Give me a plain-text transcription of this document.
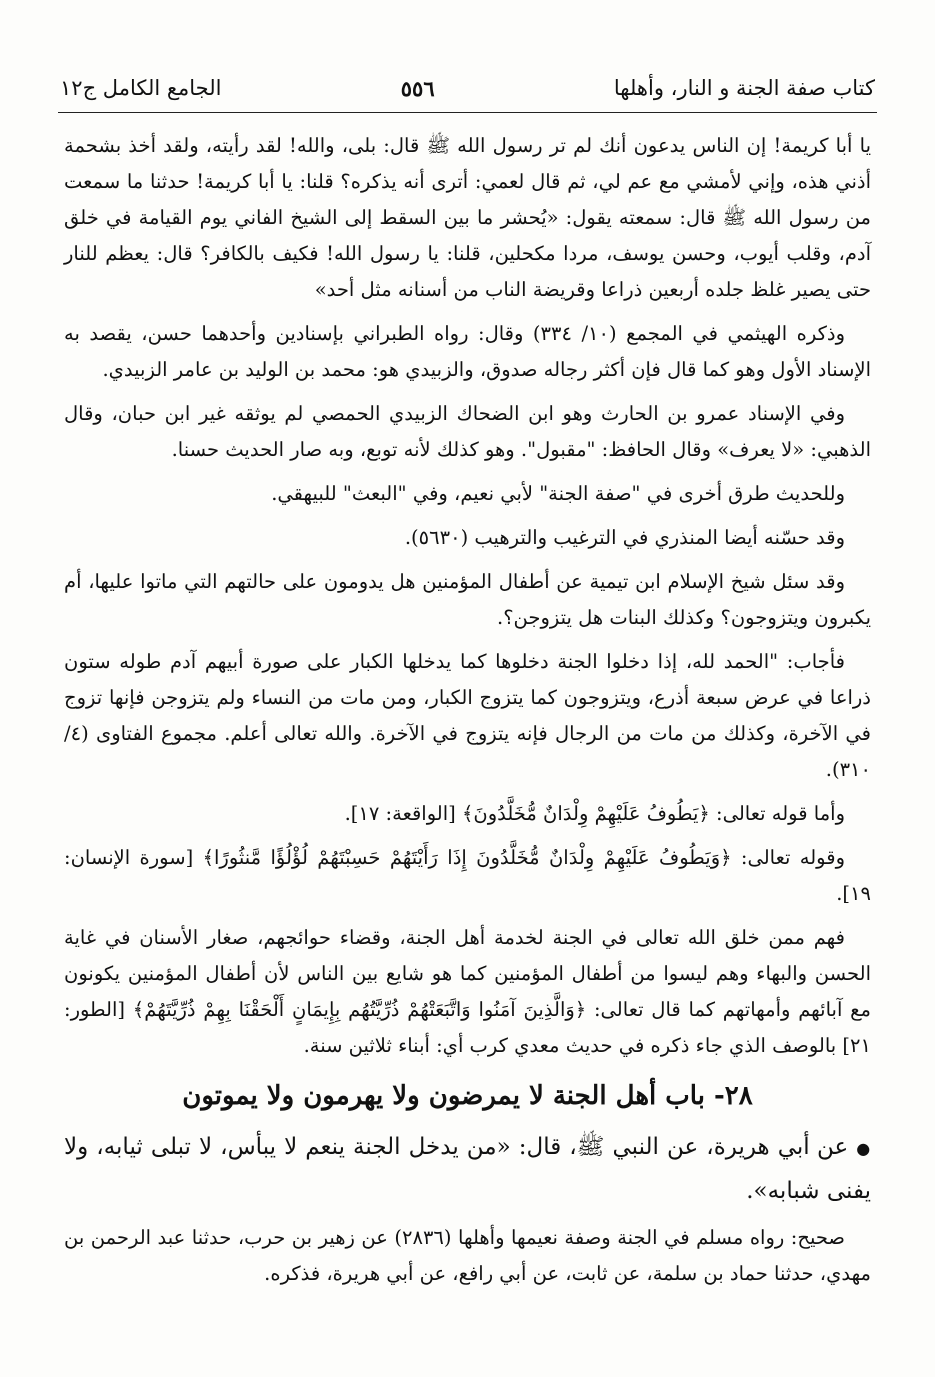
كتاب صفة الجنة و النار، وأهلها
٥٥٦
الجامع الكامل ج١٢

يا أبا كريمة! إن الناس يدعون أنك لم تر رسول الله ﷺ قال: بلى، والله! لقد رأيته، ولقد أخذ بشحمة أذني هذه، وإني لأمشي مع عم لي، ثم قال لعمي: أترى أنه يذكره؟ قلنا: يا أبا كريمة! حدثنا ما سمعت من رسول الله ﷺ قال: سمعته يقول: «يُحشر ما بين السقط إلى الشيخ الفاني يوم القيامة في خلق آدم، وقلب أيوب، وحسن يوسف، مردا مكحلين، قلنا: يا رسول الله! فكيف بالكافر؟ قال: يعظم للنار حتى يصير غلظ جلده أربعين ذراعا وقريضة الناب من أسنانه مثل أحد»

وذكره الهيثمي في المجمع (١٠/ ٣٣٤) وقال: رواه الطبراني بإسنادين وأحدهما حسن، يقصد به الإسناد الأول وهو كما قال فإن أكثر رجاله صدوق، والزبيدي هو: محمد بن الوليد بن عامر الزبيدي.

وفي الإسناد عمرو بن الحارث وهو ابن الضحاك الزبيدي الحمصي لم يوثقه غير ابن حبان، وقال الذهبي: «لا يعرف» وقال الحافظ: "مقبول". وهو كذلك لأنه توبع، وبه صار الحديث حسنا.

وللحديث طرق أخرى في "صفة الجنة" لأبي نعيم، وفي "البعث" للبيهقي.

وقد حسّنه أيضا المنذري في الترغيب والترهيب (٥٦٣٠).

وقد سئل شيخ الإسلام ابن تيمية عن أطفال المؤمنين هل يدومون على حالتهم التي ماتوا عليها، أم يكبرون ويتزوجون؟ وكذلك البنات هل يتزوجن؟.

فأجاب: "الحمد لله، إذا دخلوا الجنة دخلوها كما يدخلها الكبار على صورة أبيهم آدم طوله ستون ذراعا في عرض سبعة أذرع، ويتزوجون كما يتزوج الكبار، ومن مات من النساء ولم يتزوجن فإنها تزوج في الآخرة، وكذلك من مات من الرجال فإنه يتزوج في الآخرة. والله تعالى أعلم. مجموع الفتاوى (٤/ ٣١٠).

وأما قوله تعالى: ﴿يَطُوفُ عَلَيْهِمْ وِلْدَانٌ مُّخَلَّدُونَ﴾ [الواقعة: ١٧].

وقوله تعالى: ﴿وَيَطُوفُ عَلَيْهِمْ وِلْدَانٌ مُّخَلَّدُونَ إِذَا رَأَيْتَهُمْ حَسِبْتَهُمْ لُؤْلُؤًا مَّنثُورًا﴾ [سورة الإنسان: ١٩].

فهم ممن خلق الله تعالى في الجنة لخدمة أهل الجنة، وقضاء حوائجهم، صغار الأسنان في غاية الحسن والبهاء وهم ليسوا من أطفال المؤمنين كما هو شايع بين الناس لأن أطفال المؤمنين يكونون مع آبائهم وأمهاتهم كما قال تعالى: ﴿وَالَّذِينَ آمَنُوا وَاتَّبَعَتْهُمْ ذُرِّيَّتُهُم بِإِيمَانٍ أَلْحَقْنَا بِهِمْ ذُرِّيَّتَهُمْ﴾ [الطور: ٢١] بالوصف الذي جاء ذكره في حديث معدي كرب أي: أبناء ثلاثين سنة.

٢٨- باب أهل الجنة لا يمرضون ولا يهرمون ولا يموتون

● عن أبي هريرة، عن النبي ﷺ، قال: «من يدخل الجنة ينعم لا يبأس، لا تبلى ثيابه، ولا يفنى شبابه».

صحيح: رواه مسلم في الجنة وصفة نعيمها وأهلها (٢٨٣٦) عن زهير بن حرب، حدثنا عبد الرحمن بن مهدي، حدثنا حماد بن سلمة، عن ثابت، عن أبي رافع، عن أبي هريرة، فذكره.
